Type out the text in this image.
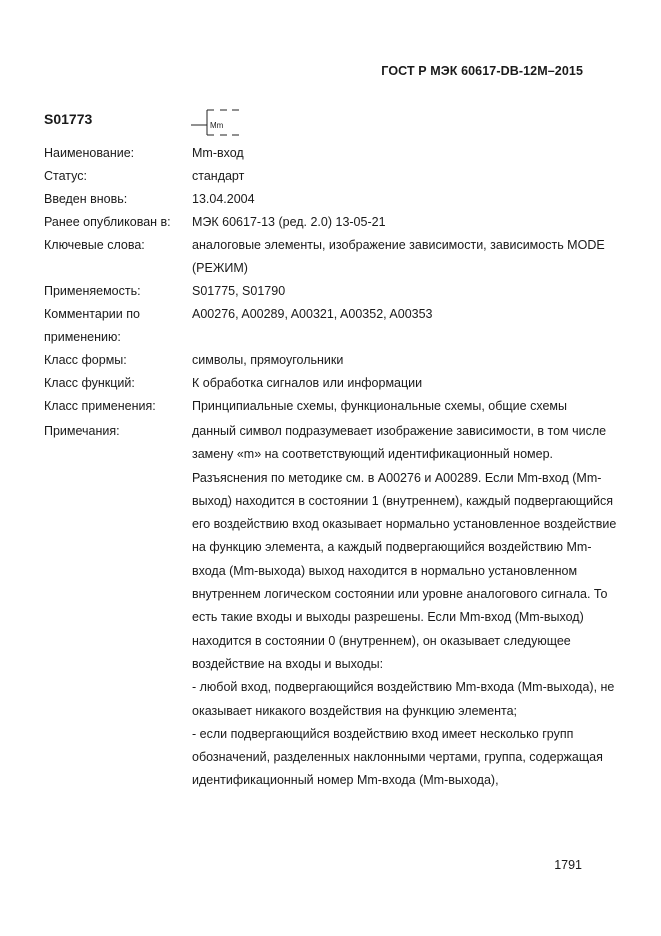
ГОСТ Р МЭК 60617-DB-12M–2015
S01773	Mm
Наименование:	Mm-вход
Статус:	стандарт
Введен вновь:	13.04.2004
Ранее опубликован в:	МЭК 60617-13 (ред. 2.0) 13-05-21
Ключевые слова:	аналоговые элементы, изображение зависимости, зависимость MODE (РЕЖИМ)
Применяемость:	S01775, S01790
Комментарии по применению:
A00276, A00289, A00321, A00352, A00353
Класс формы:	символы, прямоугольники
Класс функций:	К обработка сигналов или информации
Класс применения:	Принципиальные схемы, функциональные схемы, общие схемы
Примечания:	данный символ подразумевает изображение зависимости, в том числе замену «m» на соответствующий идентификационный номер. Разъяснения по методике см. в A00276 и A00289. Если Mm-вход (Mm-выход) находится в состоянии 1 (внутреннем), каждый подвергающийся его воздействию вход оказывает нормально установленное воздействие на функцию элемента, а каждый подвергающийся воздействию Mm-входа (Mm-выхода) выход находится в нормально установленном внутреннем логическом состоянии или уровне аналогового сигнала. То есть такие входы и выходы разрешены. Если Mm-вход (Mm-выход) находится в состоянии 0 (внутреннем), он оказывает следующее воздействие на входы и выходы:
- любой вход, подвергающийся воздействию Mm-входа (Mm-выхода), не оказывает никакого воздействия на функцию элемента;
- если подвергающийся воздействию вход имеет несколько групп обозначений, разделенных наклонными чертами, группа, содержащая идентификационный номер Mm-входа (Mm-выхода),
1791
